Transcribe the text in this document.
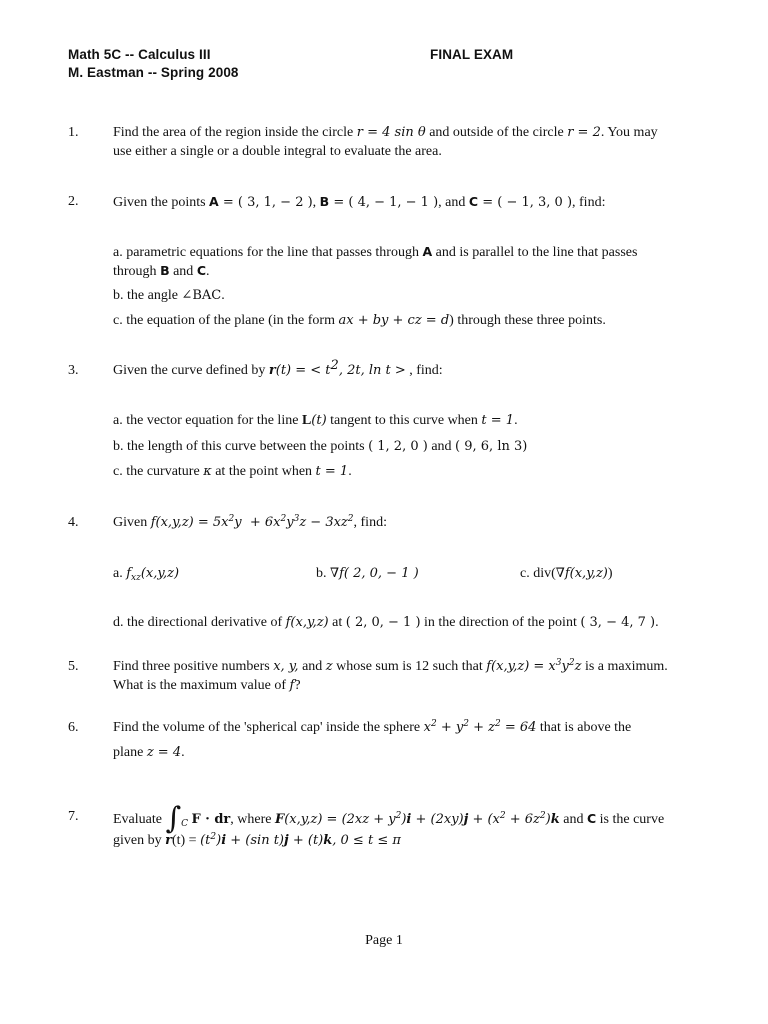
Math 5C -- Calculus III
M. Eastman -- Spring 2008
FINAL EXAM
1. Find the area of the region inside the circle r = 4 sin θ and outside of the circle r = 2. You may
use either a single or a double integral to evaluate the area.
2. Given the points A = ( 3, 1, − 2 ), B = ( 4, − 1, − 1 ), and C = ( − 1, 3, 0 ), find:
a. parametric equations for the line that passes through A and is parallel to the line that passes
through B and C.
b. the angle ∠BAC.
c. the equation of the plane (in the form ax + by + cz = d) through these three points.
3. Given the curve defined by r(t) = < $t^2$, 2t, ln t > , find:
a. the vector equation for the line L(t) tangent to this curve when t = 1.
b. the length of this curve between the points ( 1, 2, 0 ) and ( 9, 6, ln 3)
c. the curvature κ at the point when t = 1.
4. Given $f(x,y,z) = 5x^2y + 6x^2y^3z - 3xz^2$, find:
a. $f_{xz}(x,y,z)$	b. ∇f( 2, 0, − 1 )	c. div(∇f(x,y,z))
d. the directional derivative of f(x,y,z) at ( 2, 0, − 1 ) in the direction of the point ( 3, − 4, 7 ).
5. Find three positive numbers x, y, and z whose sum is 12 such that $f(x,y,z) = x^3y^2z$ is a maximum.
What is the maximum value of f?
6. Find the volume of the 'spherical cap' inside the sphere $x^2 + y^2 + z^2 = 64$ that is above the
plane z = 4.
7. Evaluate $\int_C$ F · dr, where $F(x,y,z) = (2xz + y^2)i + (2xy)j + (x^2 + 6z^2)k$ and C is the curve
given by $r(t) = (t^2)i + (\sin$ t)j + (t)k, 0 ≤ t ≤ π
Page 1
